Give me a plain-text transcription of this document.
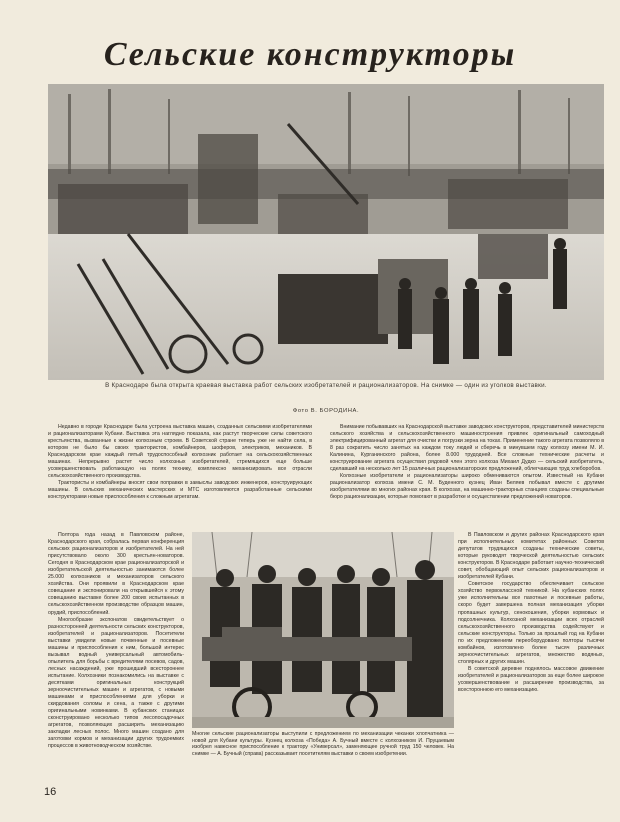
Сельские конструкторы
В Краснодаре была открыта краевая выставка работ сельских изобретателей и рационализаторов. На снимке — один из уголков выставки.
Фото В. БОРОДИНА.

Недавно в городе Краснодаре была устроена выставка машин, созданных сельскими изобретателями и рационализаторами Кубани. Выставка эта наглядно показала, как растут творческие силы советского крестьянства, вызванные к жизни колхозным строем. В Советской стране теперь уже не найти села, в котором не было бы своих трактористов, комбайнеров, шоферов, электриков, механиков. В Краснодарском крае каждый пятый трудоспособный колхозник работает на сельскохозяйственных машинах. Непрерывно растет число колхозных изобретателей, стремящихся еще больше усовершенствовать работающую на полях технику, комплексно механизировать все отрасли сельскохозяйственного производства.

Трактористы и комбайнеры вносят свои поправки в замыслы заводских инженеров, конструирующих машины. В сельских механических мастерских и МТС изготовляются разработанные сельскими конструкторами новые приспособления к сложным агрегатам.

Внимание побывавших на Краснодарской выставке заводских конструкторов, представителей министерств сельского хозяйства и сельскохозяйственного машиностроения привлек оригинальный самоходный электрифицированный агрегат для очистки и погрузки зерна на токах. Применение такого агрегата позволяло в 8 раз сократить число занятых на каждом току людей и сберечь в минувшем году колхозу имени М. И. Калинина, Курганинского района, более 8.000 трудодней. Все сложные технические расчеты и конструирование агрегата осуществил рядовой член этого колхоза Михаил Дудко — сельский изобретатель, сделавший на несколько лет 15 различных рационализаторских предложений, облегчающих труд хлеборобов.

Колхозные изобретатели и рационализаторы широко обмениваются опытом. Известный на Кубани рационализатор колхоза имени С. М. Буденного кузнец Иван Беляев побывал вместе с другими изобретателями во многих районах края. В колхозах, на машинно-тракторных станциях созданы специальные бюро рационализации, которые помогают в разработке и осуществлении предложений новаторов.

Полтора года назад в Павловском районе, Краснодарского края, собралась первая конференция сельских рационализаторов и изобретателей. На ней присутствовало около 300 крестьян-новаторов. Сегодня в Краснодарском крае рационализаторской и изобретательской деятельностью занимаются более 25.000 колхозников и механизаторов сельского хозяйства. Они проявили в Краснодарском крае совещание и экспонировали на открывшейся к этому совещанию выставке более 200 своих испытанных в сельскохозяйственном производстве образцов машин, орудий, приспособлений.

Многообразие экспонатов свидетельствует о разносторонней деятельности сельских конструкторов, изобретателей и рационализаторов. Посетители выставки увидели новые почвенные и посевные машины и приспособления к ним, большой интерес вызывал водный универсальный автомобиль-опылитель для борьбы с вредителями посевов, садов, лесных насаждений, уже прошедший всестороннее испытание. Колхозники познакомились на выставке с десятками оригинальных конструкций зерноочистительных машин и агрегатов, с новыми машинами и приспособлениями для уборки и скирдования соломы и сена, а также с другими оригинальными новинками. В кубанских станицах сконструировано несколько типов лесопосадочных агрегатов, позволяющих расширить механизацию закладки лесных полос. Много машин создано для заготовки кормов и механизации других трудоемких процессов в животноводческом хозяйстве.

В Павловском и других районах Краснодарского края при исполнительных комитетах районных Советов депутатов трудящихся созданы технические советы, которые руководят творческой деятельностью сельских конструкторов. В Краснодаре работает научно-технический совет, обобщающий опыт сельских рационализаторов и изобретателей Кубани.

Советское государство обеспечивает сельское хозяйство первоклассной техникой. На кубанских полях уже исполнительны все пахотные и посевные работы, скоро будет завершена полная механизация уборки пропашных культур, сенокошения, уборки кормовых и подсолнечника. Колхозной механизации всех отраслей сельскохозяйственного производства содействуют и сельские конструкторы. Только за прошлый год на Кубани по их предложениям переоборудовано полторы тысячи комбайнов, изготовлено более тысяч различных зерноочистительных агрегатов, множество водяных, столярных и других машин.

В советской деревне поднялось массовое движение изобретателей и рационализаторов за еще более широкое усовершенствование и расширение производства, за всестороннюю его механизацию.

Многие сельские рационализаторы выступили с предложением по механизации чеканки хлопчатника — новой для Кубани культуры. Кузнец колхоза «Победа» А. Бучный вместе с колхозником И. Пруцаевым изобрел навесное приспособление к трактору «Универсал», заменяющее ручной труд 150 человек. На снимке — А. Бучный (справа) рассказывает посетителям выставки о своем изобретении.
16
